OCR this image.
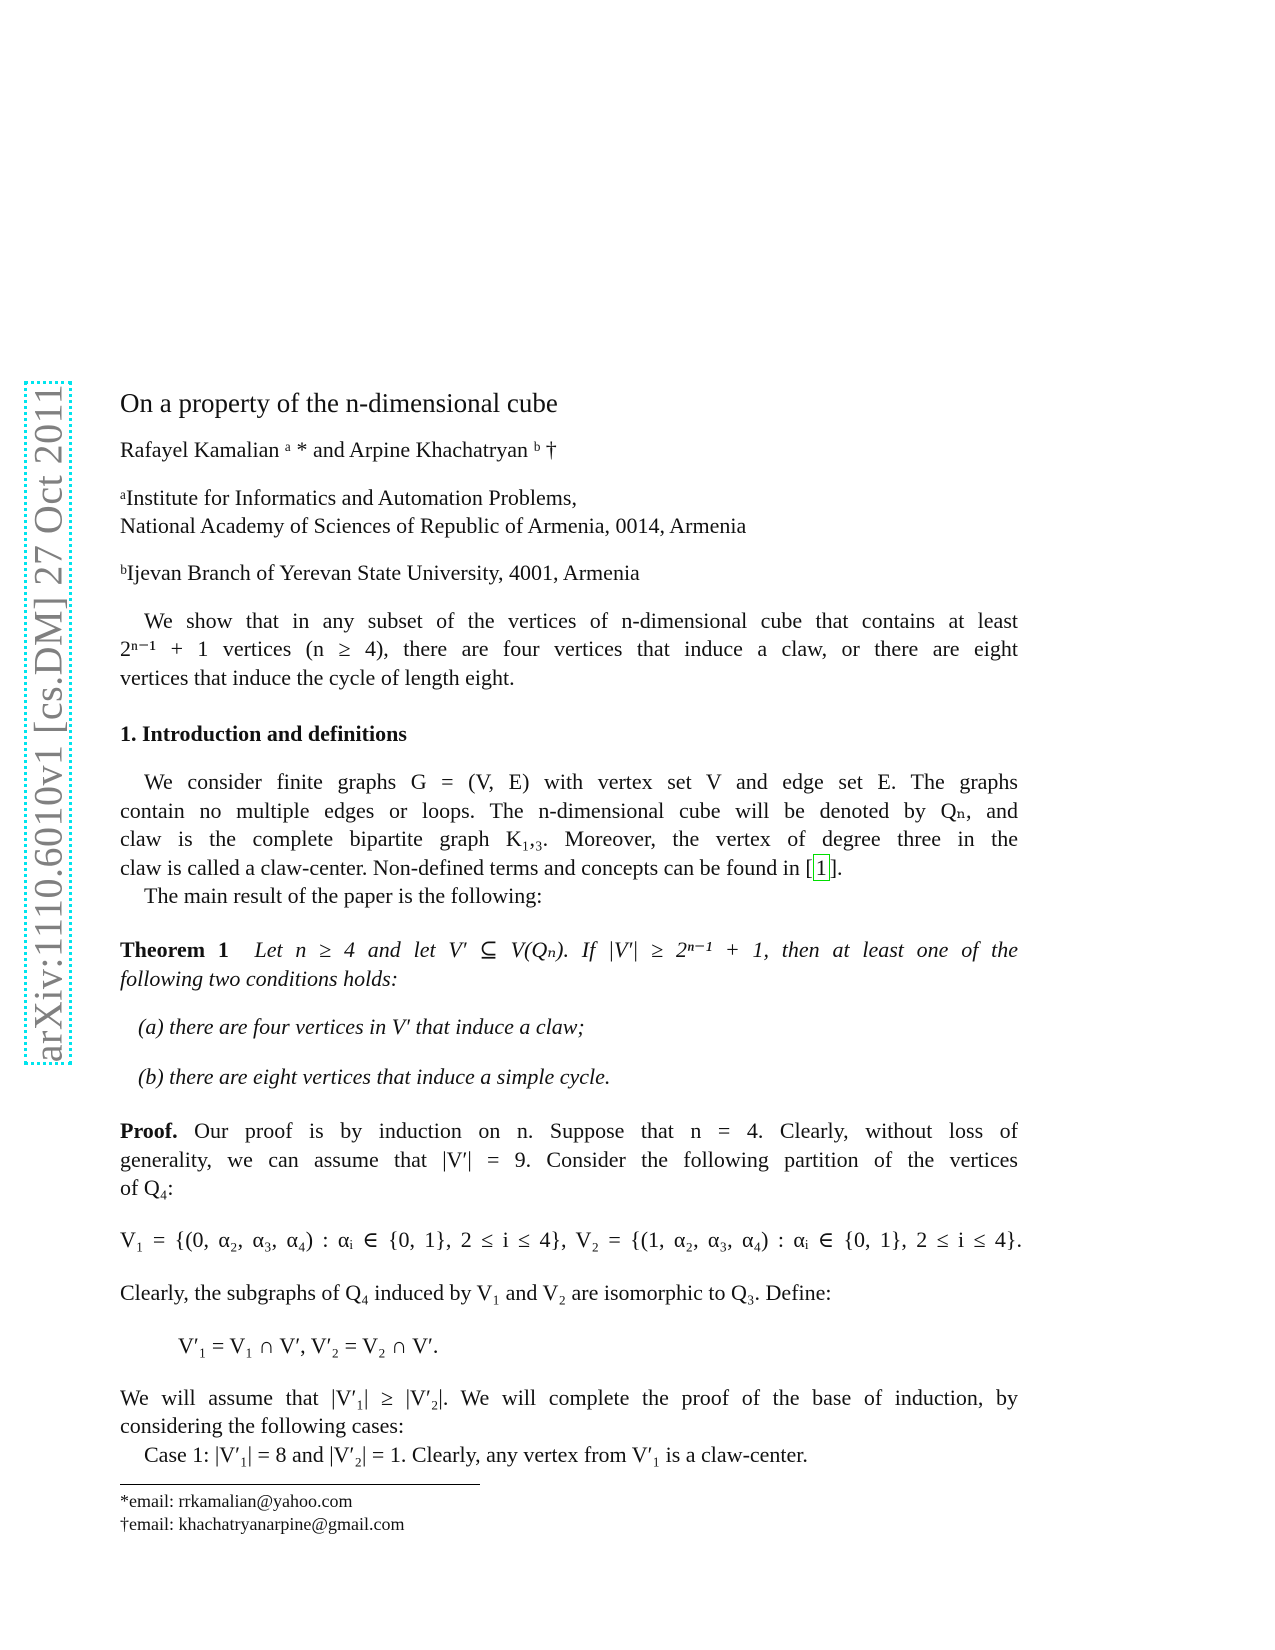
arXiv:1110.6010v1 [cs.DM] 27 Oct 2011 On a property of the n-dimensional cube
Rafayel Kamalian ᵃ * and Arpine Khachatryan ᵇ †
ᵃInstitute for Informatics and Automation Problems,
National Academy of Sciences of Republic of Armenia, 0014, Armenia
ᵇIjevan Branch of Yerevan State University, 4001, Armenia
We show that in any subset of the vertices of n-dimensional cube that contains at least
2ⁿ⁻¹ + 1 vertices (n ≥ 4), there are four vertices that induce a claw, or there are eight
vertices that induce the cycle of length eight.
1. Introduction and definitions
We consider finite graphs G = (V, E) with vertex set V and edge set E. The graphs
contain no multiple edges or loops. The n-dimensional cube will be denoted by Qₙ, and
claw is the complete bipartite graph K₁,₃. Moreover, the vertex of degree three in the
claw is called a claw-center. Non-defined terms and concepts can be found in [ 1 ].
The main result of the paper is the following:
Theorem 1 Let n ≥ 4 and let V′ ⊆ V(Qₙ). If |V′| ≥ 2ⁿ⁻¹ + 1, then at least one of the
following two conditions holds:
(a) there are four vertices in V′ that induce a claw;
(b) there are eight vertices that induce a simple cycle.
Proof. Our proof is by induction on n. Suppose that n = 4. Clearly, without loss of
generality, we can assume that |V′| = 9. Consider the following partition of the vertices
of Q₄:
V₁ = {(0, α₂, α₃, α₄) : αᵢ ∈ {0, 1}, 2 ≤ i ≤ 4}, V₂ = {(1, α₂, α₃, α₄) : αᵢ ∈ {0, 1}, 2 ≤ i ≤ 4}.
Clearly, the subgraphs of Q₄ induced by V₁ and V₂ are isomorphic to Q₃. Define:
V′₁ = V₁ ∩ V′, V′₂ = V₂ ∩ V′.
We will assume that |V′₁| ≥ |V′₂|. We will complete the proof of the base of induction, by
considering the following cases:
Case 1: |V′₁| = 8 and |V′₂| = 1. Clearly, any vertex from V′₁ is a claw-center.
*email: rrkamalian@yahoo.com
†email: khachatryanarpine@gmail.com
